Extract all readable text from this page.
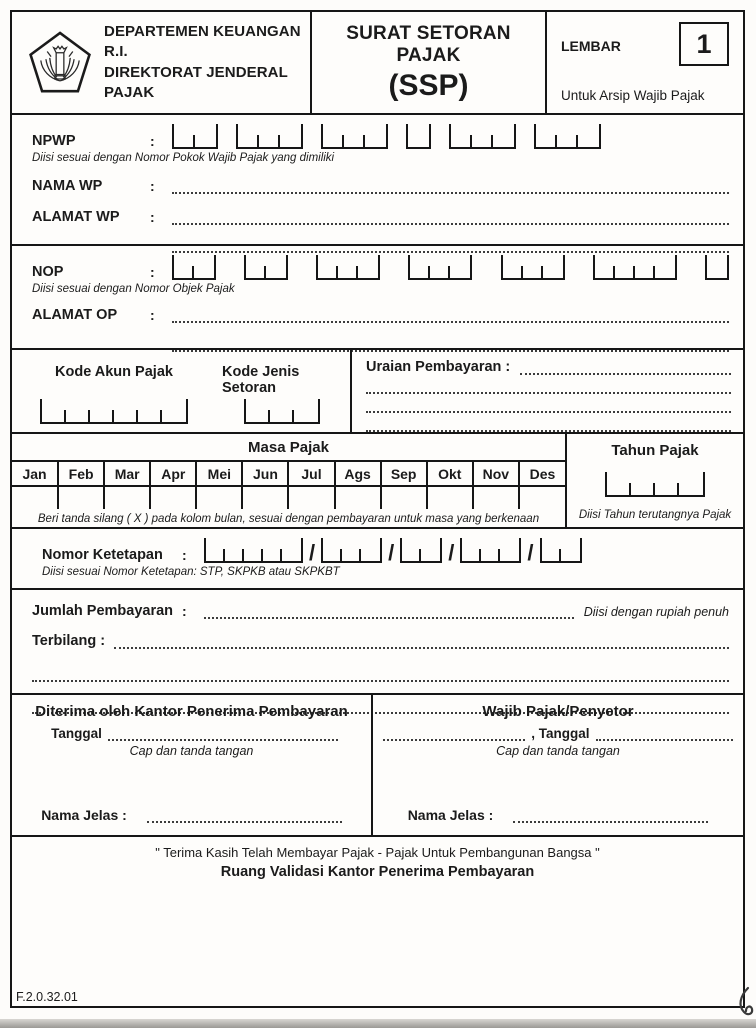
DEPARTEMEN KEUANGAN R.I.
DIREKTORAT JENDERAL PAJAK
SURAT SETORAN PAJAK
(SSP)
LEMBAR	1
Untuk Arsip Wajib Pajak
NPWP	:
Diisi sesuai dengan Nomor Pokok Wajib Pajak yang dimiliki
NAMA WP	:
ALAMAT WP	:
NOP	:
Diisi sesuai dengan Nomor Objek Pajak
ALAMAT OP	:
Kode Akun Pajak	Kode Jenis Setoran
Uraian Pembayaran :
Masa Pajak
Jan	Feb	Mar	Apr	Mei	Jun	Jul	Ags	Sep	Okt	Nov	Des

Beri tanda silang ( X ) pada kolom bulan, sesuai dengan pembayaran untuk masa yang berkenaan
Tahun Pajak
Diisi Tahun terutangnya Pajak
Nomor Ketetapan	:	/	/ /	/
Diisi sesuai Nomor Ketetapan: STP, SKPKB atau SKPKBT
Jumlah Pembayaran :	Diisi dengan rupiah penuh
Terbilang :
Diterima oleh Kantor Penerima Pembayaran
Tanggal
Cap dan tanda tangan
Nama Jelas :
Wajib Pajak/Penyetor
, Tanggal
Cap dan tanda tangan
Nama Jelas :
" Terima Kasih Telah Membayar Pajak - Pajak Untuk Pembangunan Bangsa "
Ruang Validasi Kantor Penerima Pembayaran
F.2.0.32.01
